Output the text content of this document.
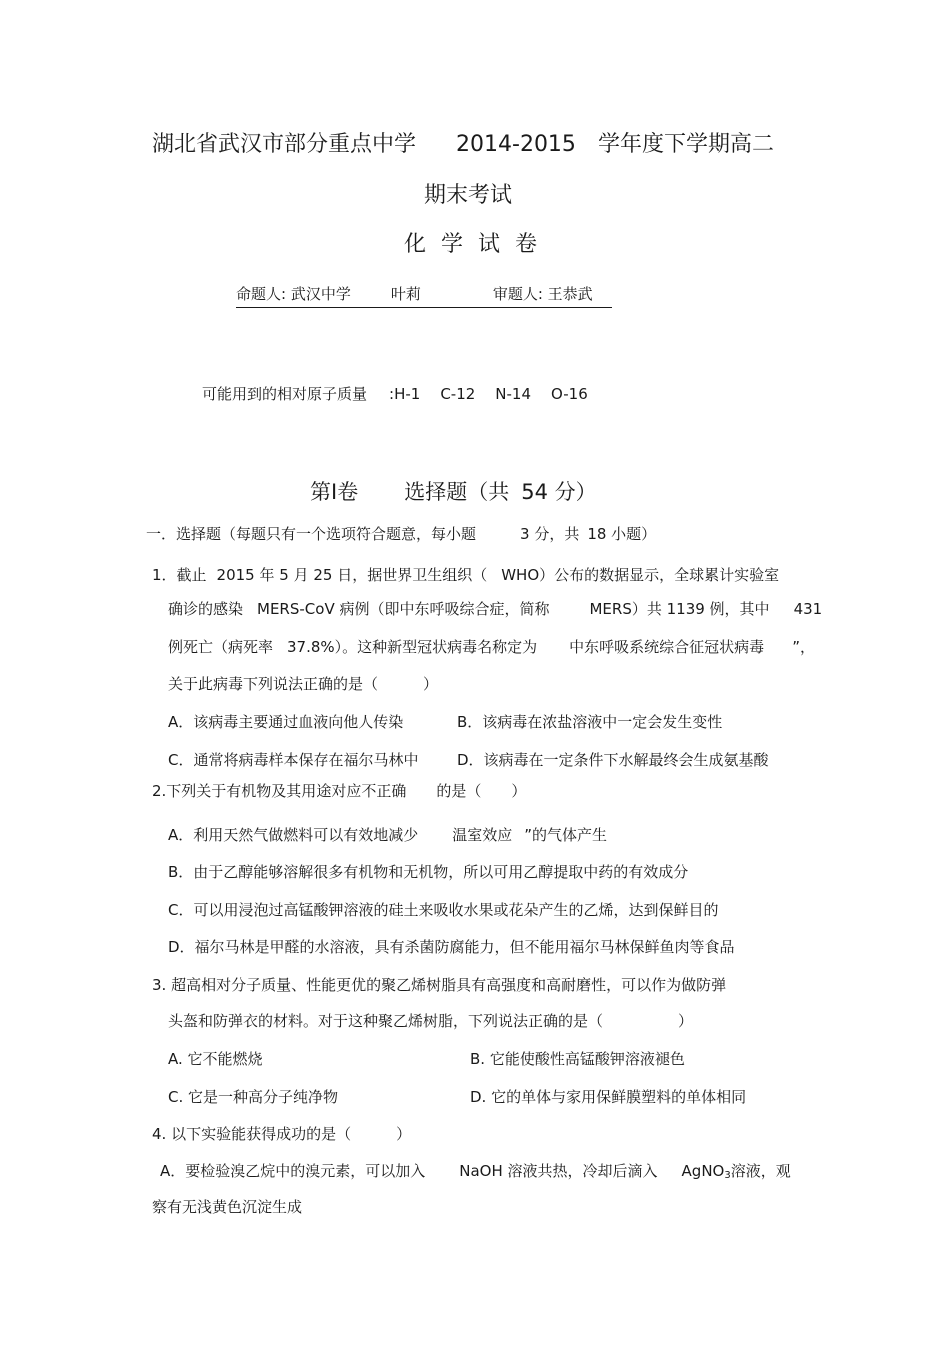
湖北省武汉市部分重点中学 2014-2015 学年度下学期高二
期末考试
化 学 试 卷
命题人: 武汉中学	叶莉	审题人: 王恭武
可能用到的相对原子质量 :H-1 C-12 N-14 O-16
第Ⅰ卷 选择题（共 54 分）
一．选择题（每题只有一个选项符合题意，每小题	3 分，共 18 小题）
1．截止 2015 年 5 月 25 日，据世界卫生组织（ WHO）公布的数据显示，全球累计实验室
确诊的感染 MERS-CoV 病例（即中东呼吸综合症，简称	MERS）共 1139 例，其中 431
例死亡（病死率 37.8%）。这种新型冠状病毒名称定为 中东呼吸系统综合征冠状病毒 ”，
关于此病毒下列说法正确的是（　　　）
A．该病毒主要通过血液向他人传染	B．该病毒在浓盐溶液中一定会发生变性
C．通常将病毒样本保存在福尔马林中	D．该病毒在一定条件下水解最终会生成氨基酸
2.下列关于有机物及其用途对应不正确 的是（　　）
A．利用天然气做燃料可以有效地减少 温室效应 ”的气体产生
B．由于乙醇能够溶解很多有机物和无机物，所以可用乙醇提取中药的有效成分
C．可以用浸泡过高锰酸钾溶液的硅土来吸收水果或花朵产生的乙烯，达到保鲜目的
D．福尔马林是甲醛的水溶液，具有杀菌防腐能力，但不能用福尔马林保鲜鱼肉等食品
3. 超高相对分子质量、性能更优的聚乙烯树脂具有高强度和高耐磨性，可以作为做防弹
头盔和防弹衣的材料。对于这种聚乙烯树脂，下列说法正确的是（　　　　　）
A. 它不能燃烧	B. 它能使酸性高锰酸钾溶液褪色
C. 它是一种高分子纯净物	D. 它的单体与家用保鲜膜塑料的单体相同
4. 以下实验能获得成功的是（　　　）
A．要检验溴乙烷中的溴元素，可以加入 NaOH 溶液共热，冷却后滴入 AgNO$_3$溶液，观
察有无浅黄色沉淀生成
